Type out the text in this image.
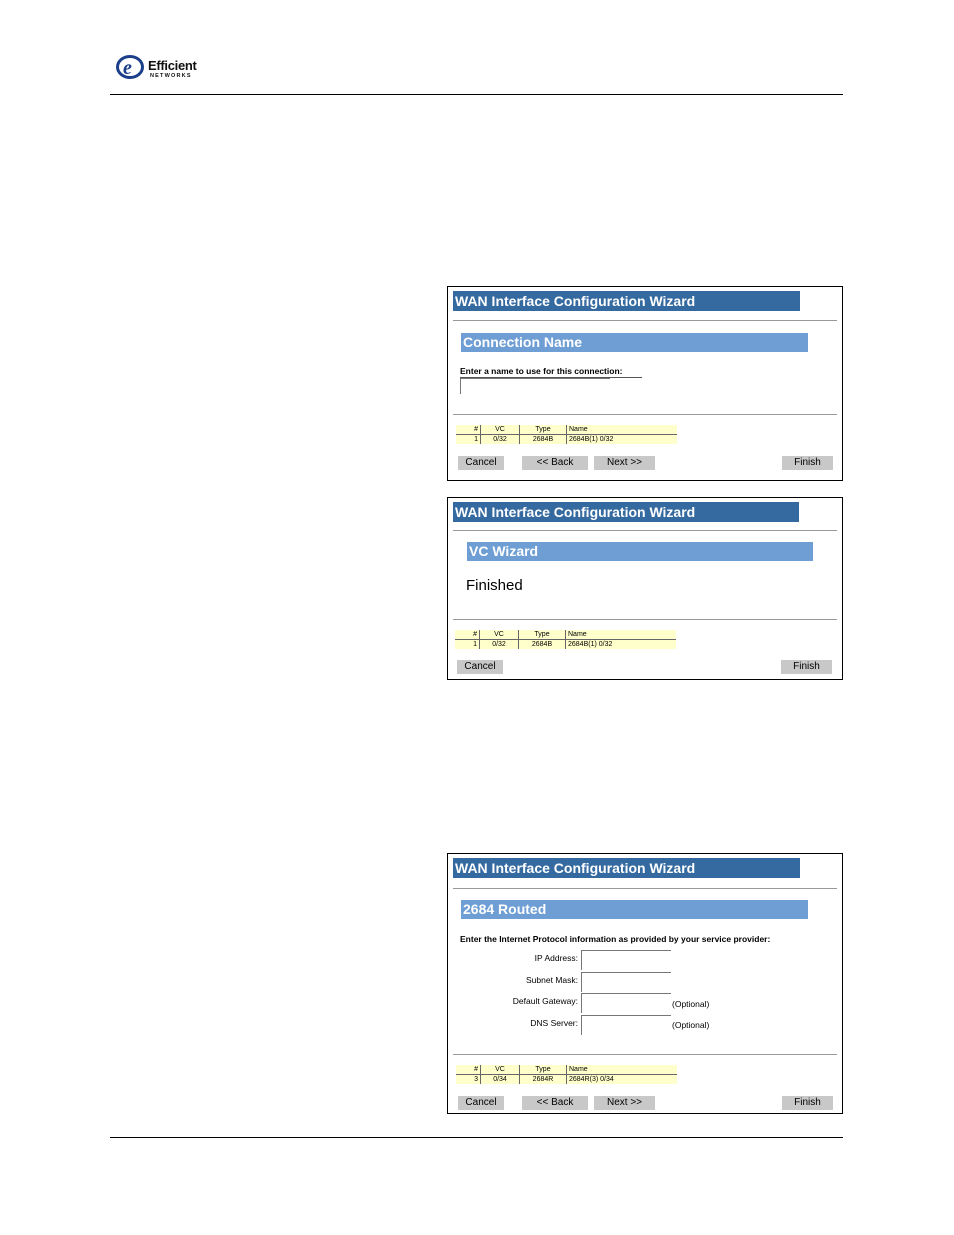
e Efficient
NETWORKS
WAN Interface Configuration Wizard
Connection Name
Enter a name to use for this connection:
#	VC	Type	Name
1	0/32	2684B	2684B(1) 0/32
Cancel	<< Back	Next >>	Finish
WAN Interface Configuration Wizard
VC Wizard
Finished
#	VC	Type	Name
1	0/32	2684B	2684B(1) 0/32
Cancel	Finish
WAN Interface Configuration Wizard
2684 Routed
Enter the Internet Protocol information as provided by your service provider:
IP Address:
Subnet Mask:
Default Gateway:	(Optional)
DNS Server:	(Optional)
#	VC	Type	Name
3	0/34	2684R	2684R(3) 0/34
Cancel	<< Back	Next >>	Finish
